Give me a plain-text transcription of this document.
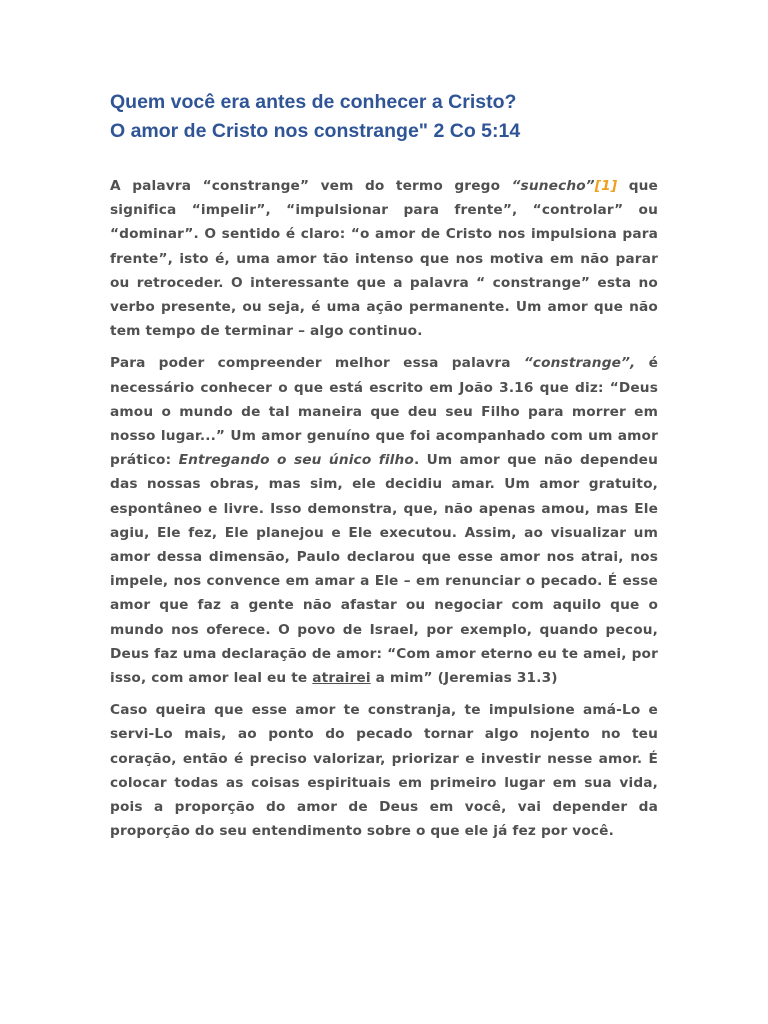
Quem você era antes de conhecer a Cristo?
O amor de Cristo nos constrange" 2 Co 5:14

A palavra “constrange” vem do termo grego “sunecho”[1] que significa “impelir”, “impulsionar para frente”, “controlar” ou “dominar”. O sentido é claro: “o amor de Cristo nos impulsiona para frente”, isto é, uma amor tão intenso que nos motiva em não parar ou retroceder. O interessante que a palavra “ constrange” esta no verbo presente, ou seja, é uma ação permanente. Um amor que não tem tempo de terminar – algo continuo.

Para poder compreender melhor essa palavra “constrange”, é necessário conhecer o que está escrito em João 3.16 que diz: “Deus amou o mundo de tal maneira que deu seu Filho para morrer em nosso lugar...” Um amor genuíno que foi acompanhado com um amor prático: Entregando o seu único filho. Um amor que não dependeu das nossas obras, mas sim, ele decidiu amar. Um amor gratuito, espontâneo e livre. Isso demonstra, que, não apenas amou, mas Ele agiu, Ele fez, Ele planejou e Ele executou. Assim, ao visualizar um amor dessa dimensão, Paulo declarou que esse amor nos atrai, nos impele, nos convence em amar a Ele – em renunciar o pecado. É esse amor que faz a gente não afastar ou negociar com aquilo que o mundo nos oferece. O povo de Israel, por exemplo, quando pecou, Deus faz uma declaração de amor: “Com amor eterno eu te amei, por isso, com amor leal eu te atrairei a mim” (Jeremias 31.3)

Caso queira que esse amor te constranja, te impulsione amá-Lo e servi-Lo mais, ao ponto do pecado tornar algo nojento no teu coração, então é preciso valorizar, priorizar e investir nesse amor. É colocar todas as coisas espirituais em primeiro lugar em sua vida, pois a proporção do amor de Deus em você, vai depender da proporção do seu entendimento sobre o que ele já fez por você.
